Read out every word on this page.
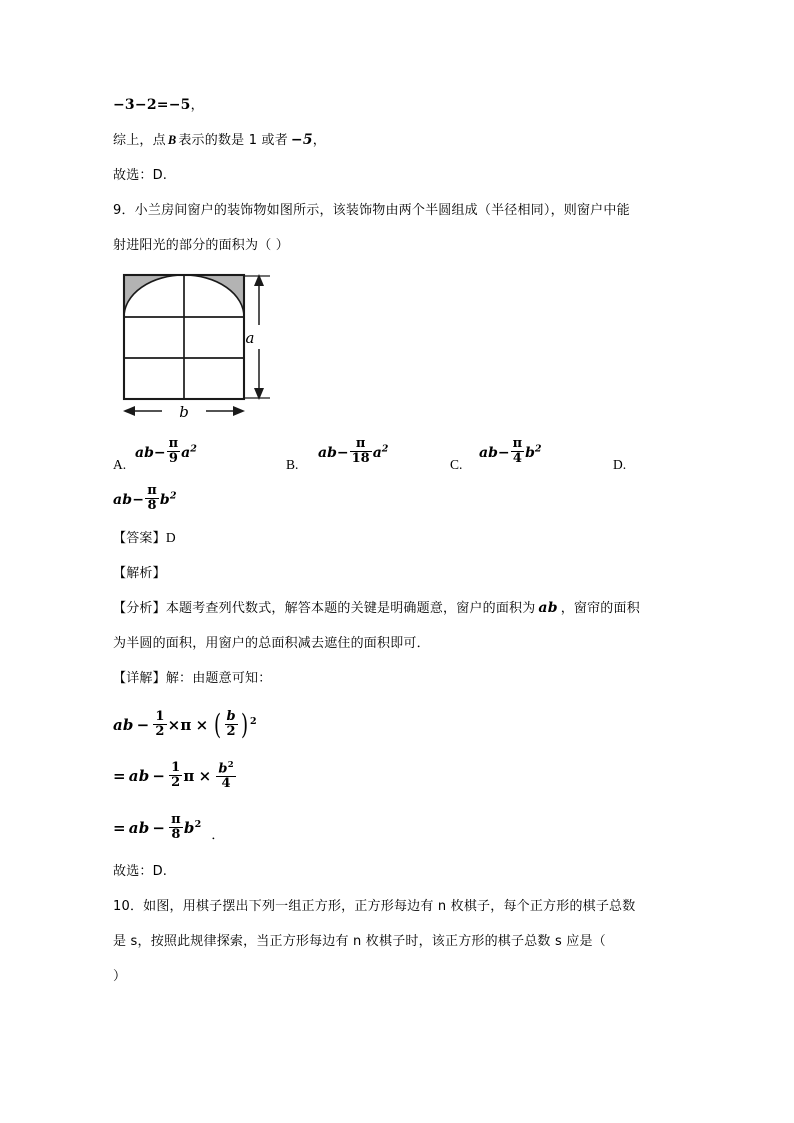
−3−2=−5，
综上，点 B 表示的数是 1 或者 −5，
故选：D.
9．小兰房间窗户的装饰物如图所示，该装饰物由两个半圆组成（半径相同），则窗户中能
射进阳光的部分的面积为（ ）
a
b
A.
$ab- \frac{\pi}{9} a^2$
B.
$ab- \frac{\pi}{18} a^2$
C.
$ab- \frac{\pi}{4} b^2$
D.
$ab- \frac{\pi}{8} b^2$
【答案】D
【解析】
【分析】本题考查列代数式，解答本题的关键是明确题意，窗户的面积为 ab ，窗帘的面积
为半圆的面积，用窗户的总面积减去遮住的面积即可．
【详解】解：由题意可知：
ab − $\frac{1}{2} \times\pi$ × ( $\frac{b}{2}$ ) $^2$
= ab − $\frac{1}{2}$ $\pi \times \frac{b^2}{4}$
= ab − $\frac{\pi}{8} b^2$．
故选：D.
10．如图，用棋子摆出下列一组正方形，正方形每边有 n 枚棋子，每个正方形的棋子总数
是 s，按照此规律探索，当正方形每边有 n 枚棋子时，该正方形的棋子总数 s 应是（
）
